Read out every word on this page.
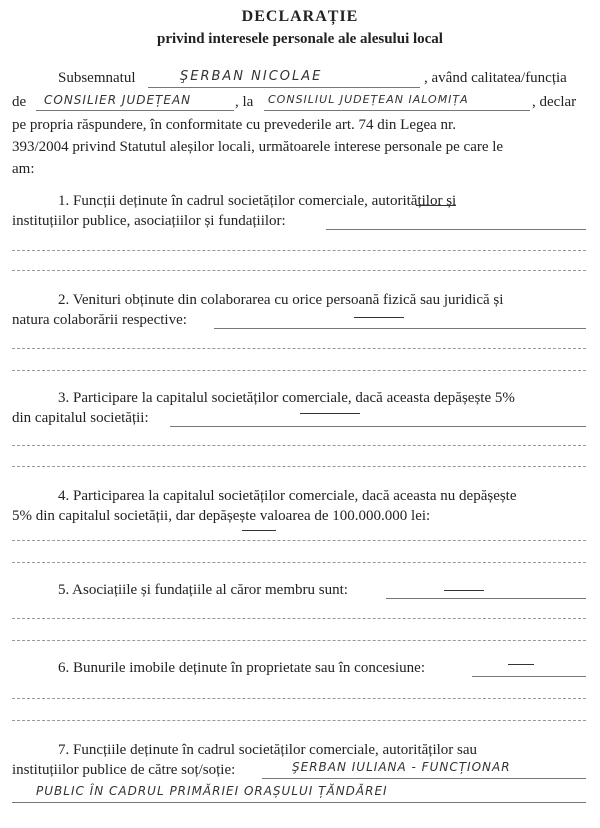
DECLARAȚIE
privind interesele personale ale alesului local
Subsemnatul	ŞERBAN NICOLAE	, având calitatea/funcția
de CONSILIER JUDEȚEAN	, la CONSILIUL JUDEȚEAN IALOMIȚA	, declar
pe propria răspundere, în conformitate cu prevederile art. 74 din Legea nr.
393/2004 privind Statutul aleșilor locali, următoarele interese personale pe care le
am:
1. Funcții deținute în cadrul societăților comerciale, autorităților și
instituțiilor publice, asociațiilor și fundațiilor:
2. Venituri obținute din colaborarea cu orice persoană fizică sau juridică și
natura colaborării respective:
3. Participare la capitalul societăților comerciale, dacă aceasta depășește 5%
din capitalul societății:
4. Participarea la capitalul societăților comerciale, dacă aceasta nu depășește
5% din capitalul societății, dar depășește valoarea de 100.000.000 lei:
5. Asociațiile și fundațiile al căror membru sunt:
6. Bunurile imobile deținute în proprietate sau în concesiune:
7. Funcțiile deținute în cadrul societăților comerciale, autorităților sau
instituțiilor publice de către soț/soție:	ŞERBAN IULIANA - FUNCȚIONAR
PUBLIC ÎN CADRUL PRIMĂRIEI ORAȘULUI ȚĂNDĂREI
